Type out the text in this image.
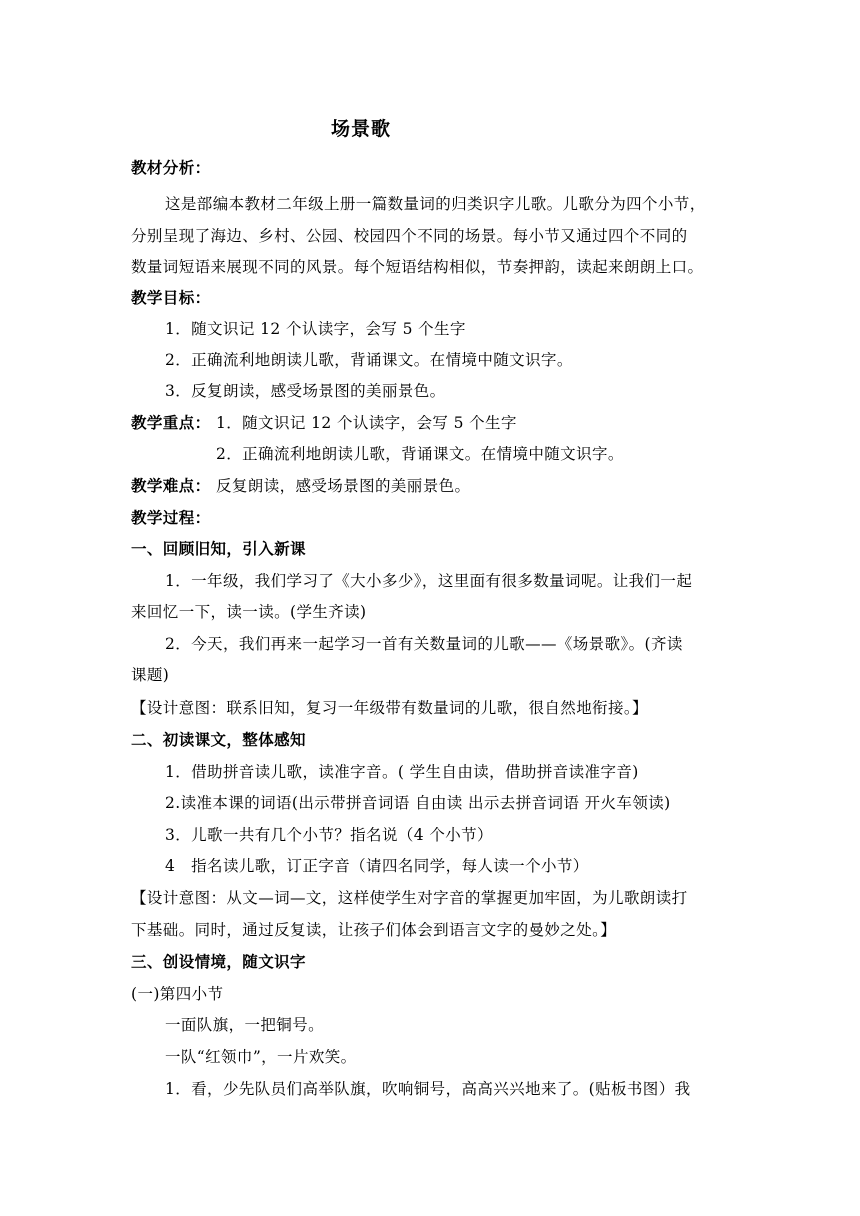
场景歌
教材分析：
这是部编本教材二年级上册一篇数量词的归类识字儿歌。儿歌分为四个小节，
分别呈现了海边、乡村、公园、校园四个不同的场景。每小节又通过四个不同的
数量词短语来展现不同的风景。每个短语结构相似，节奏押韵，读起来朗朗上口。
教学目标：
1．随文识记 12 个认读字，会写 5 个生字
2．正确流利地朗读儿歌，背诵课文。在情境中随文识字。
3．反复朗读，感受场景图的美丽景色。
教学重点： 1．随文识记 12 个认读字，会写 5 个生字
2．正确流利地朗读儿歌，背诵课文。在情境中随文识字。
教学难点： 反复朗读，感受场景图的美丽景色。
教学过程：
一、回顾旧知，引入新课
1．一年级，我们学习了《大小多少》，这里面有很多数量词呢。让我们一起
来回忆一下，读一读。(学生齐读)
2．今天，我们再来一起学习一首有关数量词的儿歌——《场景歌》。(齐读
课题)
【设计意图：联系旧知，复习一年级带有数量词的儿歌，很自然地衔接。】
二、初读课文，整体感知
1．借助拼音读儿歌，读准字音。( 学生自由读，借助拼音读准字音)
2.读准本课的词语(出示带拼音词语 自由读 出示去拼音词语 开火车领读)
3．儿歌一共有几个小节？指名说（4 个小节）
4　指名读儿歌，订正字音（请四名同学，每人读一个小节）
【设计意图：从文—词—文，这样使学生对字音的掌握更加牢固，为儿歌朗读打
下基础。同时，通过反复读，让孩子们体会到语言文字的曼妙之处。】
三、创设情境，随文识字
(一)第四小节
一面队旗，一把铜号。
一队“红领巾”，一片欢笑。
1．看，少先队员们高举队旗，吹响铜号，高高兴兴地来了。(贴板书图）我
